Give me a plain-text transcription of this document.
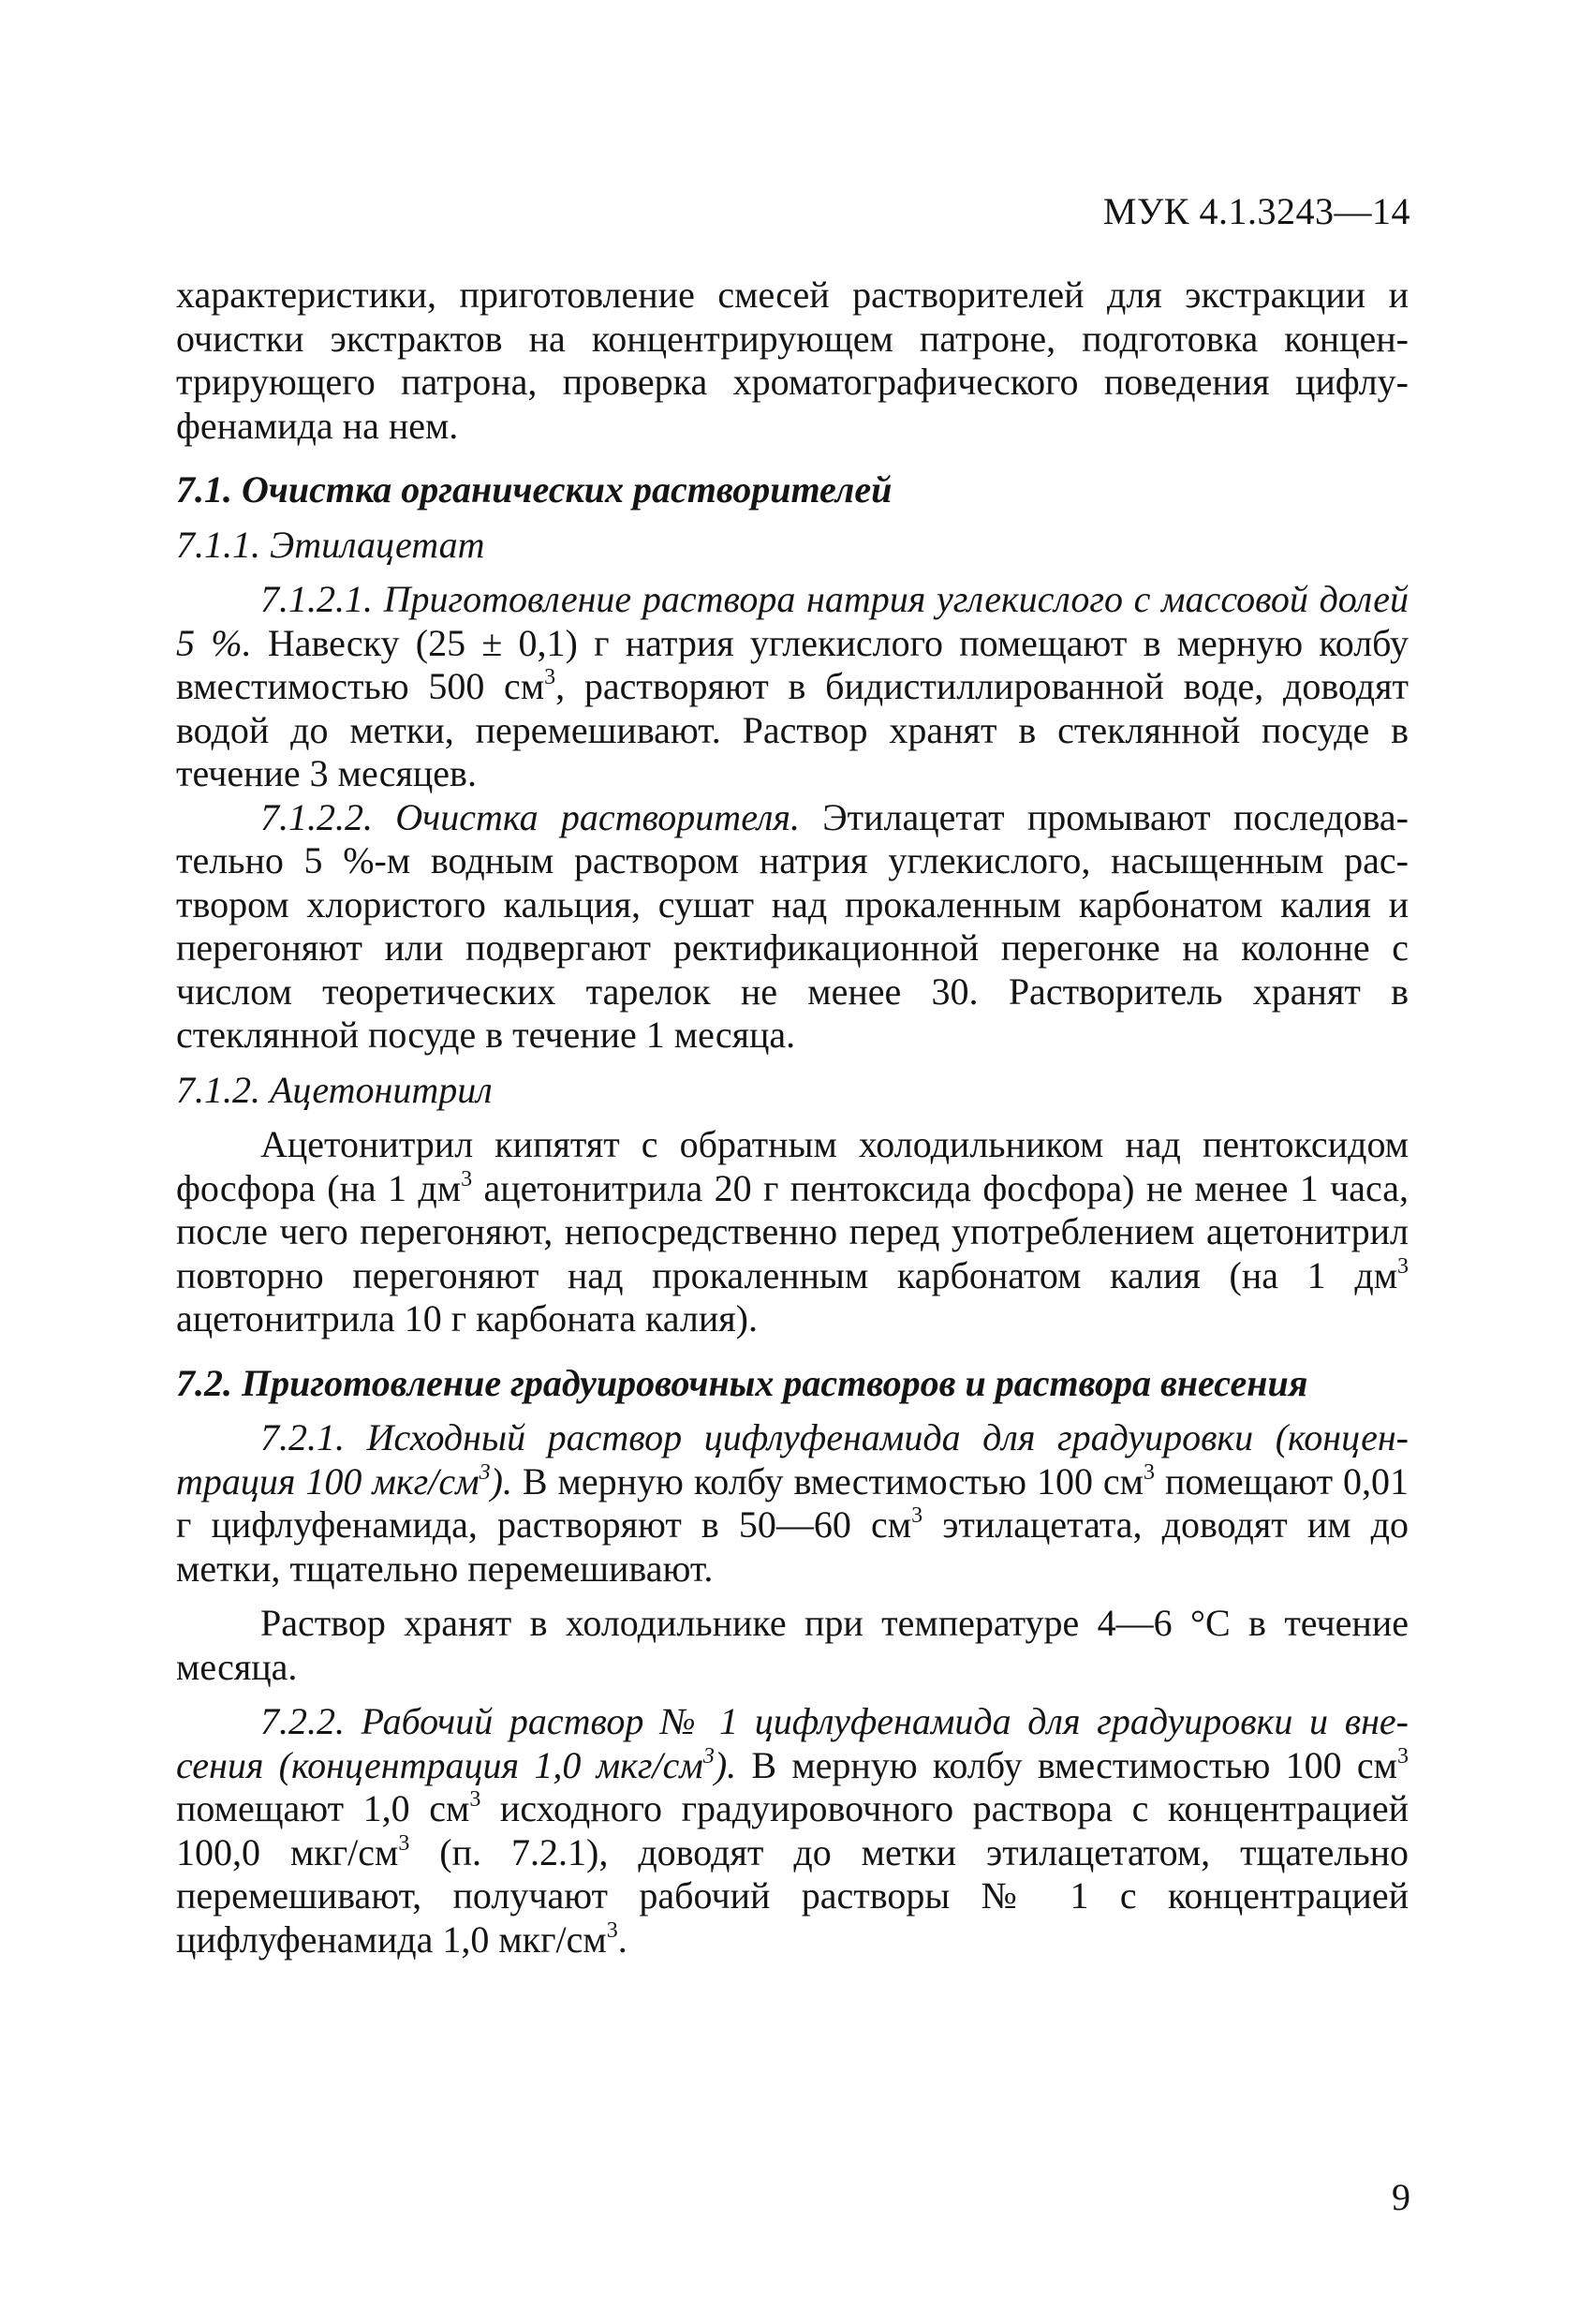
МУК 4.1.3243—14

характеристики, приготовление смесей растворителей для экстракции и очистки экстрактов на концентрирующем патроне, подготовка концентрирующего патрона, проверка хроматографического поведения цифлуфенамида на нем.

7.1. Очистка органических растворителей

7.1.1. Этилацетат

7.1.2.1. Приготовление раствора натрия углекислого с массовой долей 5 %. Навеску (25 ± 0,1) г натрия углекислого помещают в мерную колбу вместимостью 500 $см^3$, растворяют в бидистиллированной воде, доводят водой до метки, перемешивают. Раствор хранят в стеклянной посуде в течение 3 месяцев.

7.1.2.2. Очистка растворителя. Этилацетат промывают последовательно 5 %-м водным раствором натрия углекислого, насыщенным раствором хлористого кальция, сушат над прокаленным карбонатом калия и перегоняют или подвергают ректификационной перегонке на колонне с числом теоретических тарелок не менее 30. Растворитель хранят в стеклянной посуде в течение 1 месяца.

7.1.2. Ацетонитрил

Ацетонитрил кипятят с обратным холодильником над пентоксидом фосфора (на 1 $дм^3$ ацетонитрила 20 г пентоксида фосфора) не менее 1 часа, после чего перегоняют, непосредственно перед употреблением ацетонитрил повторно перегоняют над прокаленным карбонатом калия (на 1 $дм^3$ ацетонитрила 10 г карбоната калия).

7.2. Приготовление градуировочных растворов и раствора внесения

7.2.1. Исходный раствор цифлуфенамида для градуировки (концентрация 100 мкг/$см^3$). В мерную колбу вместимостью 100 $см^3$ помещают 0,01 г цифлуфенамида, растворяют в 50—60 $см^3$ этилацетата, доводят им до метки, тщательно перемешивают.

Раствор хранят в холодильнике при температуре 4—6 °С в течение месяца.

7.2.2. Рабочий раствор № 1 цифлуфенамида для градуировки и внесения (концентрация 1,0 мкг/$см^3$). В мерную колбу вместимостью 100 $см^3$ помещают 1,0 $см^3$ исходного градуировочного раствора с концентрацией 100,0 мкг/$см^3$ (п. 7.2.1), доводят до метки этилацетатом, тщательно перемешивают, получают рабочий растворы № 1 с концентрацией цифлуфенамида 1,0 мкг/$см^3$.

9
